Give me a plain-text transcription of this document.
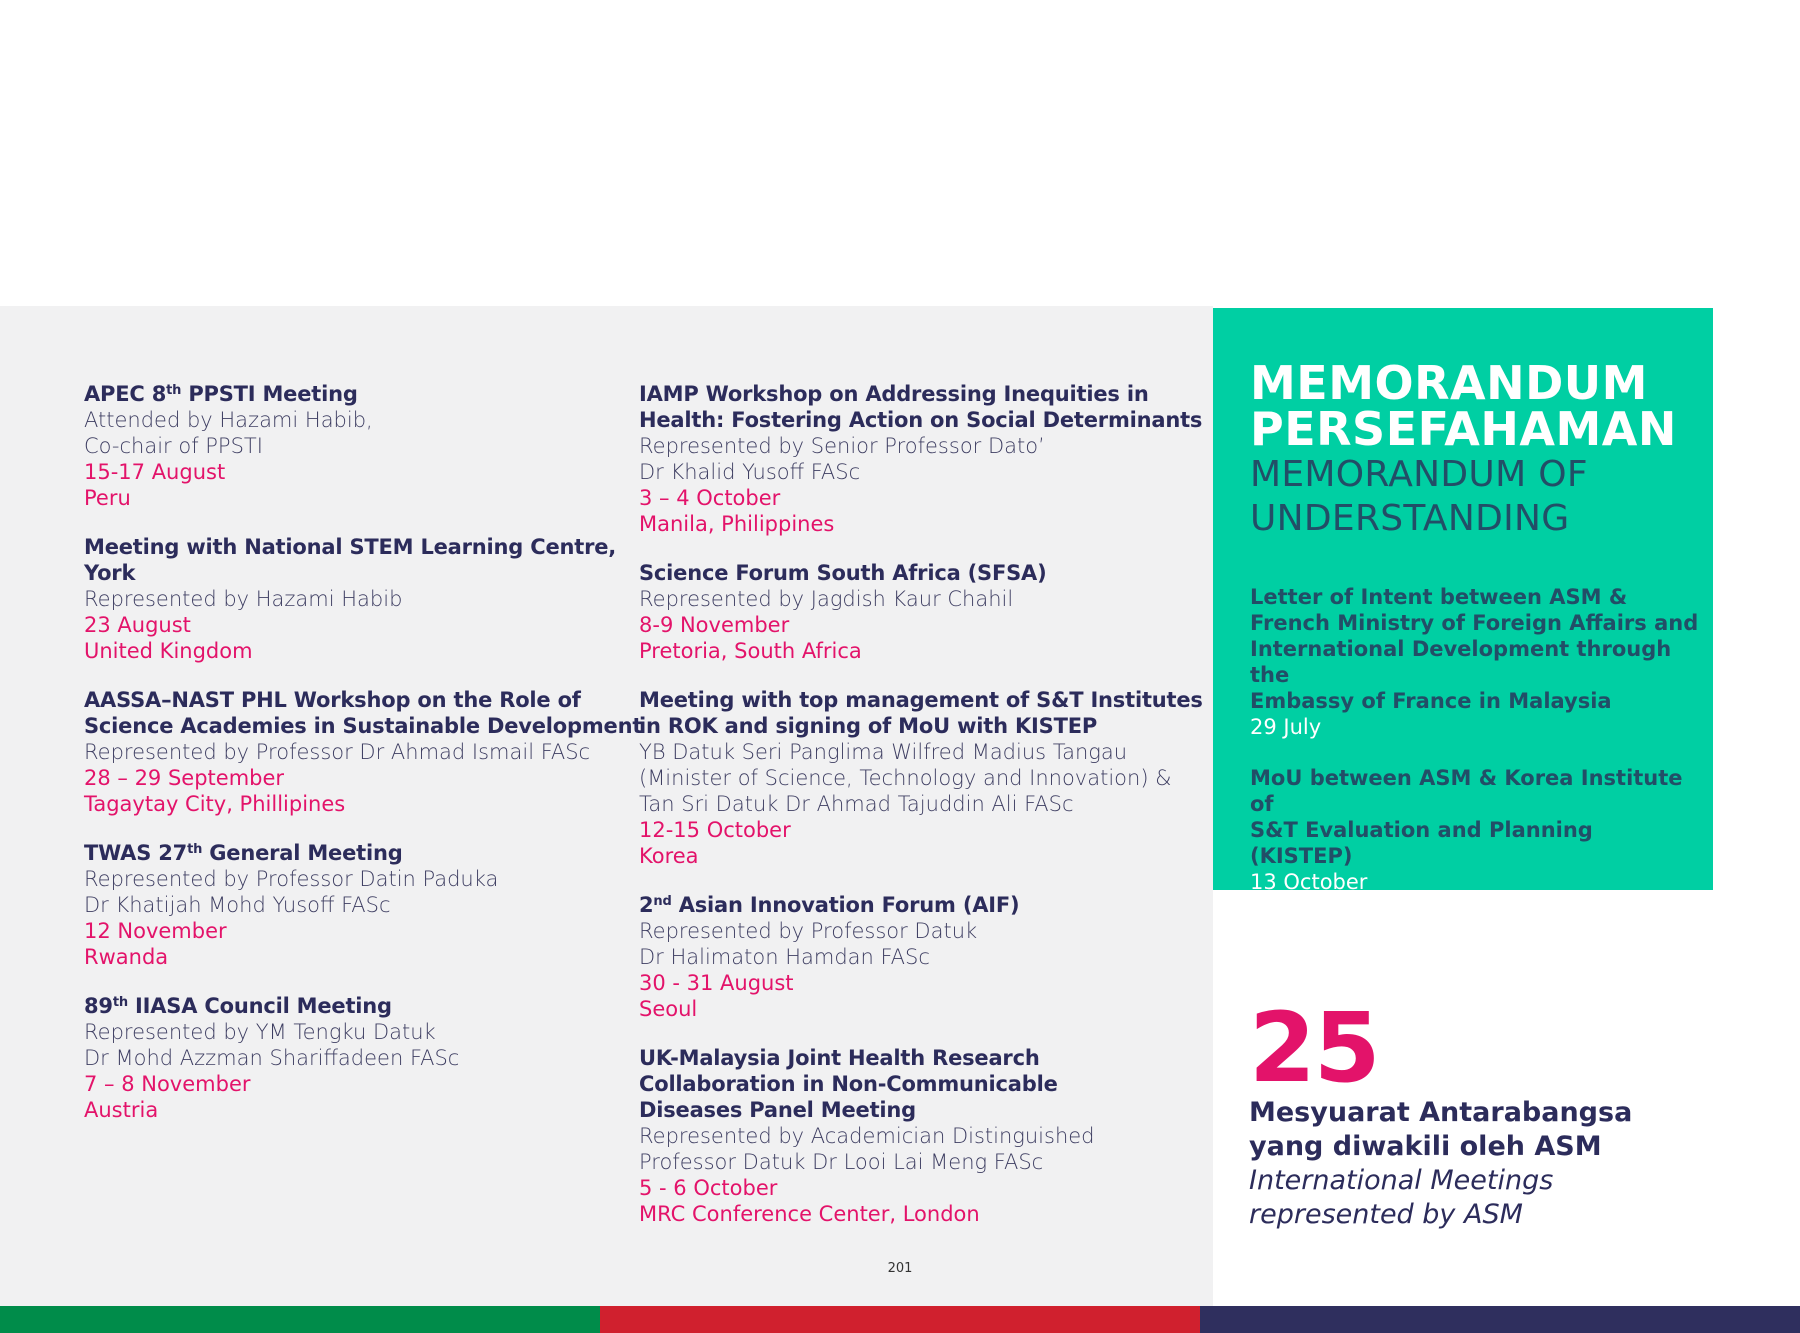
APEC 8th PPSTI Meeting
Attended by Hazami Habib,
Co-chair of PPSTI
15-17 August
Peru
Meeting with National STEM Learning Centre,
York
Represented by Hazami Habib
23 August
United Kingdom
AASSA–NAST PHL Workshop on the Role of
Science Academies in Sustainable Development
Represented by Professor Dr Ahmad Ismail FASc
28 – 29 September
Tagaytay City, Phillipines
TWAS 27th General Meeting
Represented by Professor Datin Paduka
Dr Khatijah Mohd Yusoff FASc
12 November
Rwanda
89th IIASA Council Meeting
Represented by YM Tengku Datuk
Dr Mohd Azzman Shariffadeen FASc
7 – 8 November
Austria
IAMP Workshop on Addressing Inequities in
Health: Fostering Action on Social Determinants
Represented by Senior Professor Dato’
Dr Khalid Yusoff FASc
3 – 4 October
Manila, Philippines
Science Forum South Africa (SFSA)
Represented by Jagdish Kaur Chahil
8-9 November
Pretoria, South Africa
Meeting with top management of S&T Institutes
in ROK and signing of MoU with KISTEP
YB Datuk Seri Panglima Wilfred Madius Tangau
(Minister of Science, Technology and Innovation) &
Tan Sri Datuk Dr Ahmad Tajuddin Ali FASc
12-15 October
Korea
2nd Asian Innovation Forum (AIF)
Represented by Professor Datuk
Dr Halimaton Hamdan FASc
30 - 31 August
Seoul
UK-Malaysia Joint Health Research
Collaboration in Non-Communicable
Diseases Panel Meeting
Represented by Academician Distinguished
Professor Datuk Dr Looi Lai Meng FASc
5 - 6 October
MRC Conference Center, London
MEMORANDUM
PERSEFAHAMAN
MEMORANDUM OF
UNDERSTANDING
Letter of Intent between ASM &
French Ministry of Foreign Affairs and
International Development through the
Embassy of France in Malaysia
29 July
MoU between ASM & Korea Institute of
S&T Evaluation and Planning (KISTEP)
13 October
25
Mesyuarat Antarabangsa
yang diwakili oleh ASM
International Meetings
represented by ASM
201
